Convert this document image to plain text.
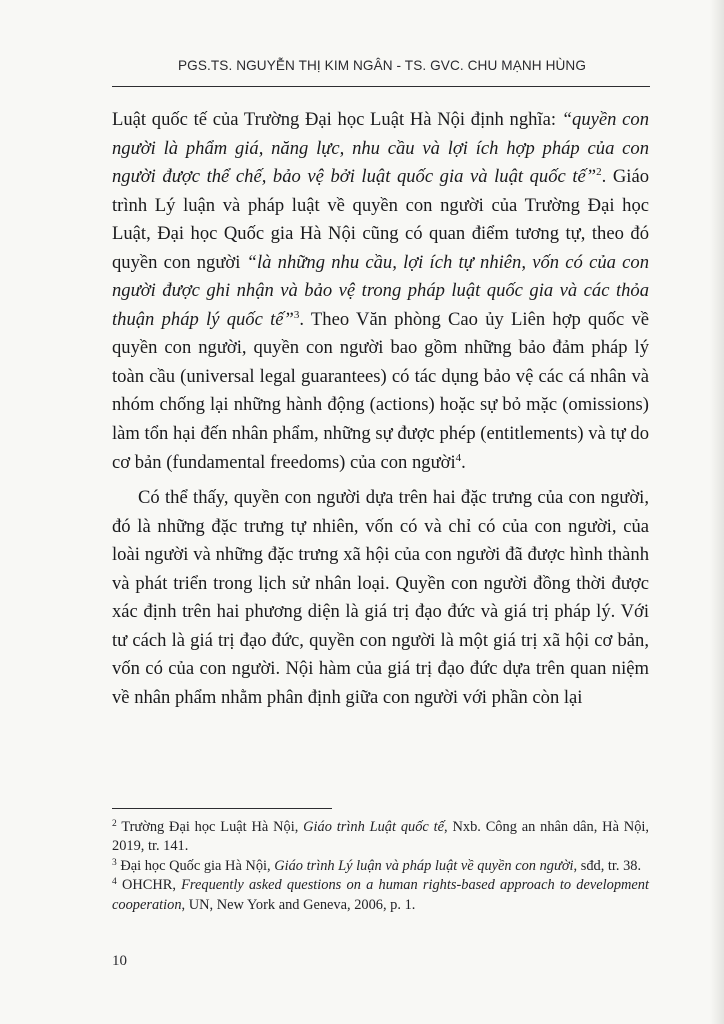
PGS.TS. NGUYỄN THỊ KIM NGÂN - TS. GVC. CHU MẠNH HÙNG

Luật quốc tế của Trường Đại học Luật Hà Nội định nghĩa: “quyền con người là phẩm giá, năng lực, nhu cầu và lợi ích hợp pháp của con người được thể chế, bảo vệ bởi luật quốc gia và luật quốc tế”$^2$. Giáo trình Lý luận và pháp luật về quyền con người của Trường Đại học Luật, Đại học Quốc gia Hà Nội cũng có quan điểm tương tự, theo đó quyền con người “là những nhu cầu, lợi ích tự nhiên, vốn có của con người được ghi nhận và bảo vệ trong pháp luật quốc gia và các thỏa thuận pháp lý quốc tế”$^3$. Theo Văn phòng Cao ủy Liên hợp quốc về quyền con người, quyền con người bao gồm những bảo đảm pháp lý toàn cầu (universal legal guarantees) có tác dụng bảo vệ các cá nhân và nhóm chống lại những hành động (actions) hoặc sự bỏ mặc (omissions) làm tổn hại đến nhân phẩm, những sự được phép (entitlements) và tự do cơ bản (fundamental freedoms) của con người$^4$.

Có thể thấy, quyền con người dựa trên hai đặc trưng của con người, đó là những đặc trưng tự nhiên, vốn có và chỉ có của con người, của loài người và những đặc trưng xã hội của con người đã được hình thành và phát triển trong lịch sử nhân loại. Quyền con người đồng thời được xác định trên hai phương diện là giá trị đạo đức và giá trị pháp lý. Với tư cách là giá trị đạo đức, quyền con người là một giá trị xã hội cơ bản, vốn có của con người. Nội hàm của giá trị đạo đức dựa trên quan niệm về nhân phẩm nhằm phân định giữa con người với phần còn lại

$^2$ Trường Đại học Luật Hà Nội, Giáo trình Luật quốc tế, Nxb. Công an nhân dân, Hà Nội, 2019, tr. 141.

$^3$ Đại học Quốc gia Hà Nội, Giáo trình Lý luận và pháp luật về quyền con người, sđd, tr. 38.

$^4$ OHCHR, Frequently asked questions on a human rights-based approach to development cooperation, UN, New York and Geneva, 2006, p. 1.

10
